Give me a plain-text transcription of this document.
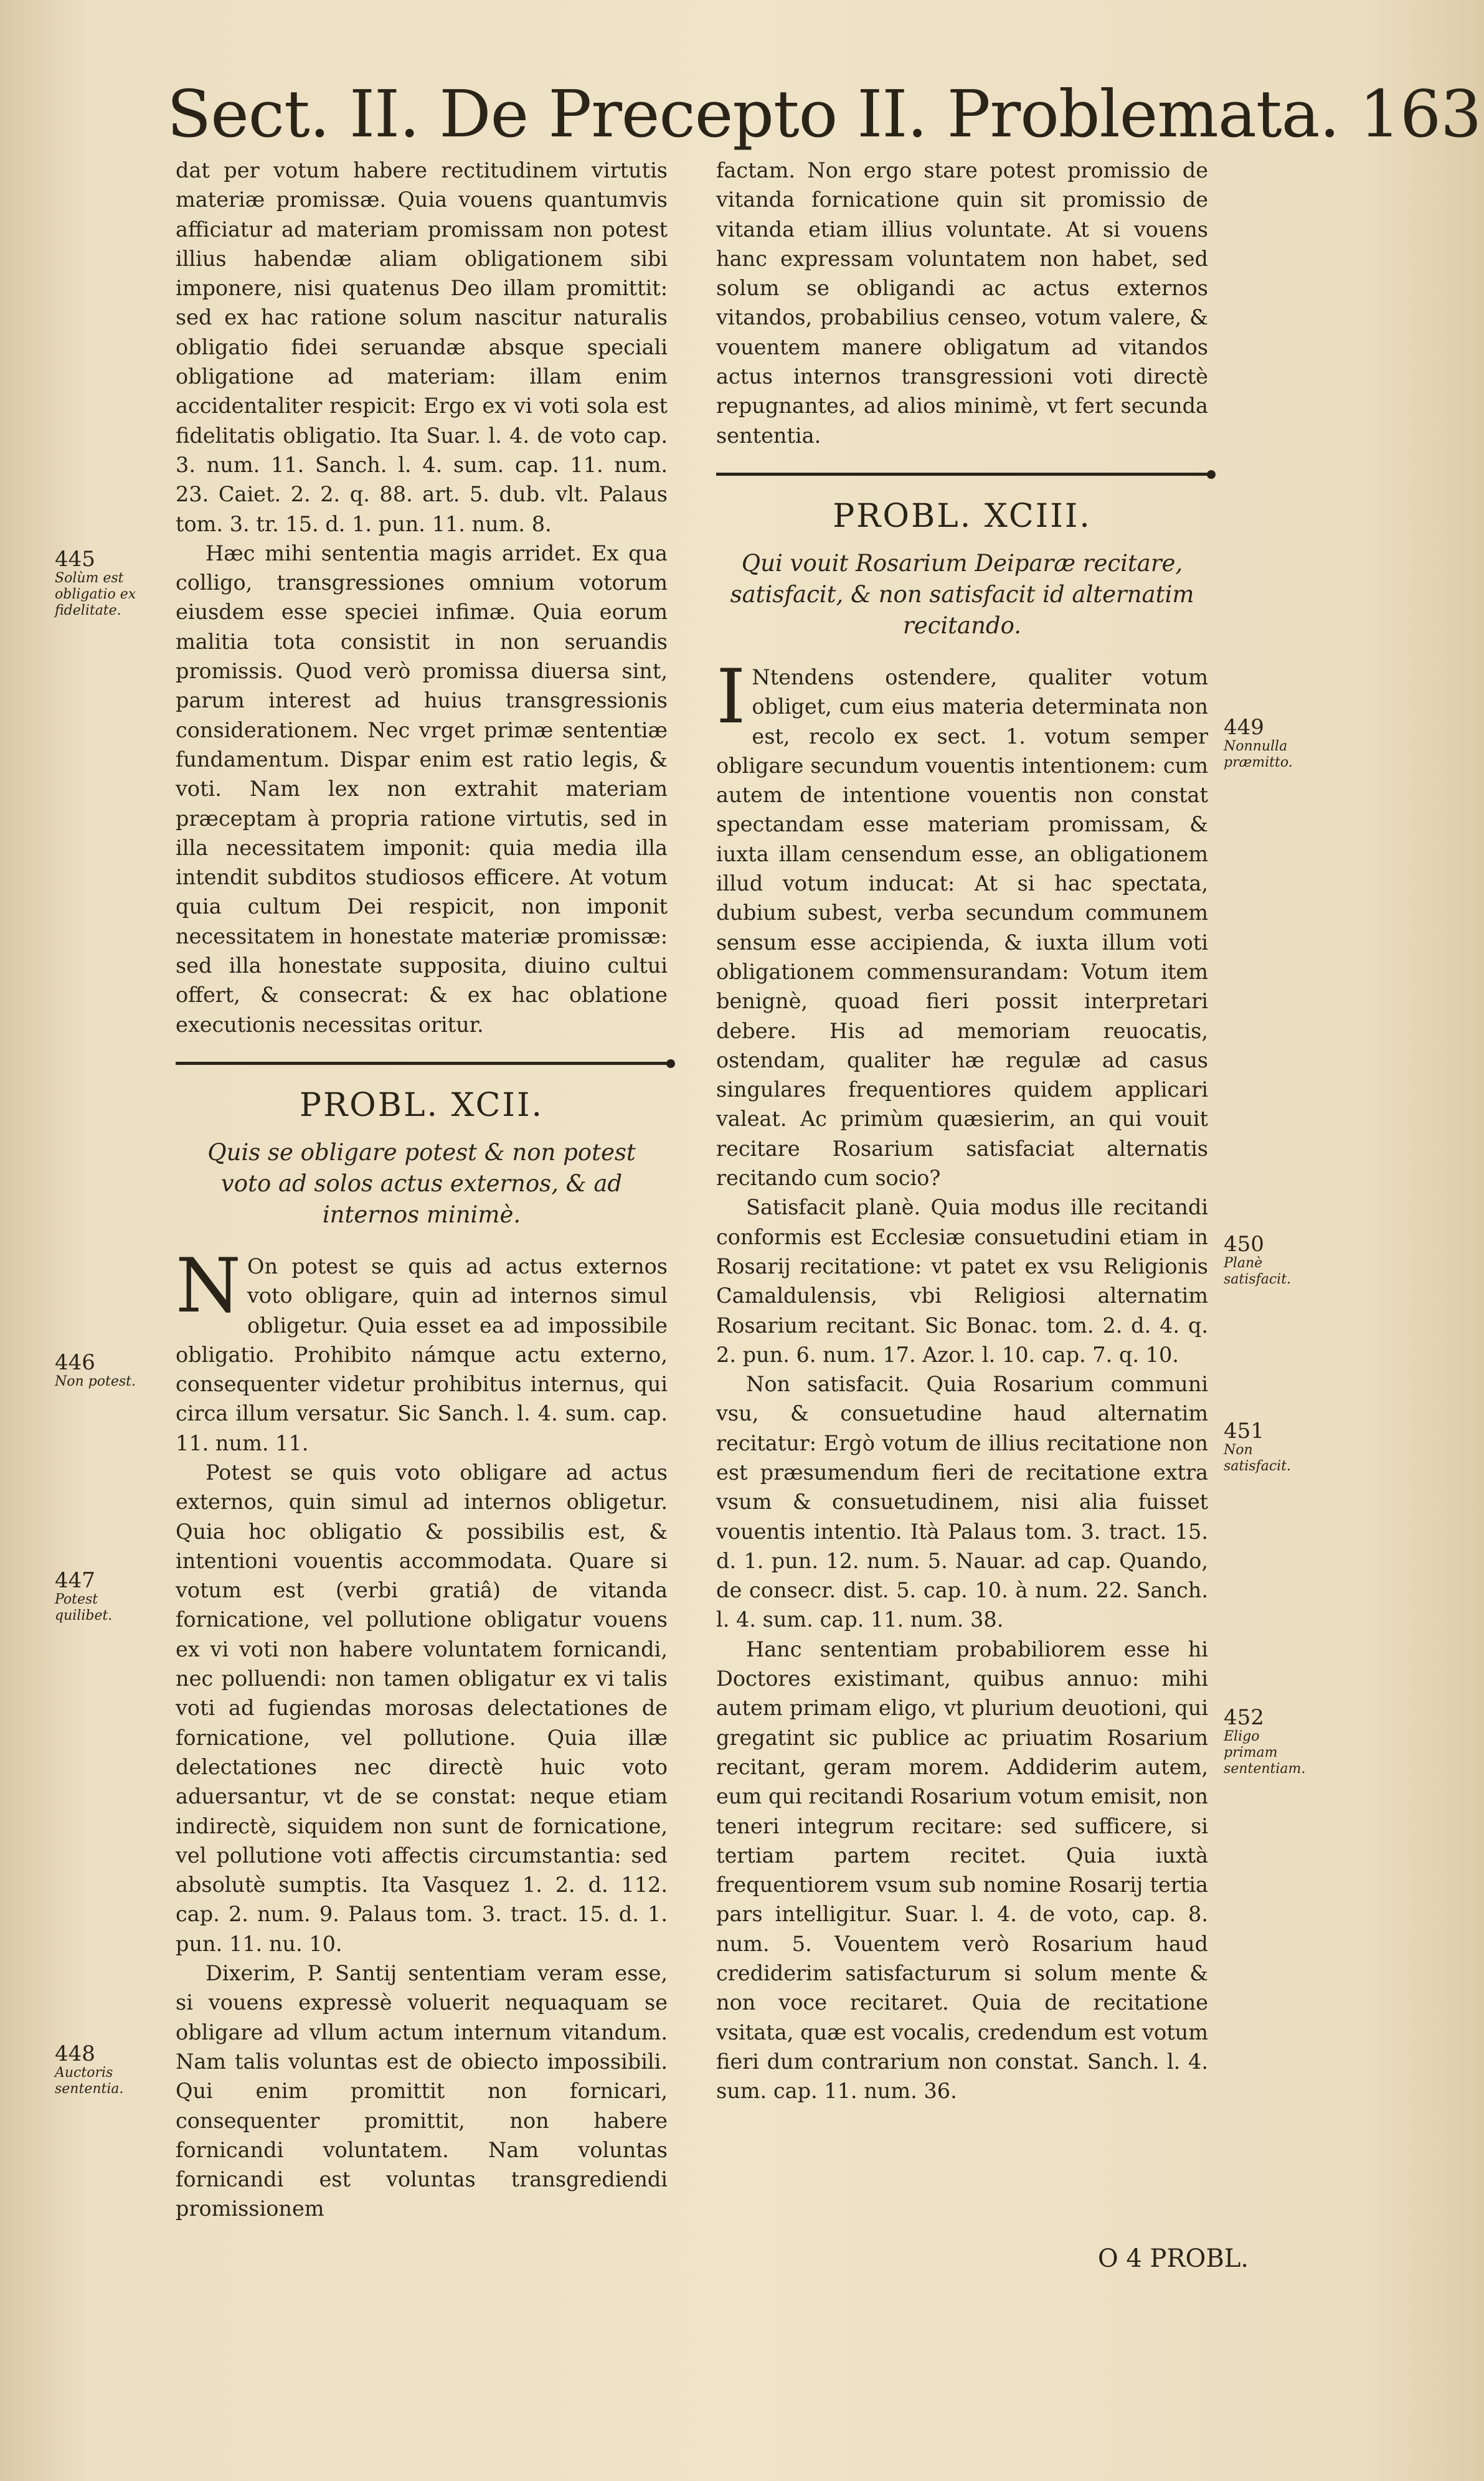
Sect. II. De Precepto II. Problemata. 163

dat per votum habere rectitudinem virtutis materiæ promissæ. Quia vouens quantumvis afficiatur ad materiam promissam non potest illius habendæ aliam obligationem sibi imponere, nisi quatenus Deo illam promittit: sed ex hac ratione solum nascitur naturalis obligatio fidei seruandæ absque speciali obligatione ad materiam: illam enim accidentaliter respicit: Ergo ex vi voti sola est fidelitatis obligatio. Ita Suar. l. 4. de voto cap. 3. num. 11. Sanch. l. 4. sum. cap. 11. num. 23. Caiet. 2. 2. q. 88. art. 5. dub. vlt. Palaus tom. 3. tr. 15. d. 1. pun. 11. num. 8.

Hæc mihi sententia magis arridet. Ex qua colligo, transgressiones omnium votorum eiusdem esse speciei infimæ. Quia eorum malitia tota consistit in non seruandis promissis. Quod verò promissa diuersa sint, parum interest ad huius transgressionis considerationem. Nec vrget primæ sententiæ fundamentum. Dispar enim est ratio legis, & voti. Nam lex non extrahit materiam præceptam à propria ratione virtutis, sed in illa necessitatem imponit: quia media illa intendit subditos studiosos efficere. At votum quia cultum Dei respicit, non imponit necessitatem in honestate materiæ promissæ: sed illa honestate supposita, diuino cultui offert, & consecrat: & ex hac oblatione executionis necessitas oritur.

PROBL. XCII.
Quis se obligare potest & non potest voto ad solos actus externos, & ad internos minimè.

N On potest se quis ad actus externos voto obligare, quin ad internos simul obligetur. Quia esset ea ad impossibile obligatio. Prohibito námque actu externo, consequenter videtur prohibitus internus, qui circa illum versatur. Sic Sanch. l. 4. sum. cap. 11. num. 11.

Potest se quis voto obligare ad actus externos, quin simul ad internos obligetur. Quia hoc obligatio & possibilis est, & intentioni vouentis accommodata. Quare si votum est (verbi gratiâ) de vitanda fornicatione, vel pollutione obligatur vouens ex vi voti non habere voluntatem fornicandi, nec polluendi: non tamen obligatur ex vi talis voti ad fugiendas morosas delectationes de fornicatione, vel pollutione. Quia illæ delectationes nec directè huic voto aduersantur, vt de se constat: neque etiam indirectè, siquidem non sunt de fornicatione, vel pollutione voti affectis circumstantia: sed absolutè sumptis. Ita Vasquez 1. 2. d. 112. cap. 2. num. 9. Palaus tom. 3. tract. 15. d. 1. pun. 11. nu. 10.

Dixerim, P. Santij sententiam veram esse, si vouens expressè voluerit nequaquam se obligare ad vllum actum internum vitandum. Nam talis voluntas est de obiecto impossibili. Qui enim promittit non fornicari, consequenter promittit, non habere fornicandi voluntatem. Nam voluntas fornicandi est voluntas transgrediendi promissionem

factam. Non ergo stare potest promissio de vitanda fornicatione quin sit promissio de vitanda etiam illius voluntate. At si vouens hanc expressam voluntatem non habet, sed solum se obligandi ac actus externos vitandos, probabilius censeo, votum valere, & vouentem manere obligatum ad vitandos actus internos transgressioni voti directè repugnantes, ad alios minimè, vt fert secunda sententia.

PROBL. XCIII.
Qui vouit Rosarium Deiparæ recitare, satisfacit, & non satisfacit id alternatim recitando.

I Ntendens ostendere, qualiter votum obliget, cum eius materia determinata non est, recolo ex sect. 1. votum semper obligare secundum vouentis intentionem: cum autem de intentione vouentis non constat spectandam esse materiam promissam, & iuxta illam censendum esse, an obligationem illud votum inducat: At si hac spectata, dubium subest, verba secundum communem sensum esse accipienda, & iuxta illum voti obligationem commensurandam: Votum item benignè, quoad fieri possit interpretari debere. His ad memoriam reuocatis, ostendam, qualiter hæ regulæ ad casus singulares frequentiores quidem applicari valeat. Ac primùm quæsierim, an qui vouit recitare Rosarium satisfaciat alternatis recitando cum socio?

Satisfacit planè. Quia modus ille recitandi conformis est Ecclesiæ consuetudini etiam in Rosarij recitatione: vt patet ex vsu Religionis Camaldulensis, vbi Religiosi alternatim Rosarium recitant. Sic Bonac. tom. 2. d. 4. q. 2. pun. 6. num. 17. Azor. l. 10. cap. 7. q. 10.

Non satisfacit. Quia Rosarium communi vsu, & consuetudine haud alternatim recitatur: Ergò votum de illius recitatione non est præsumendum fieri de recitatione extra vsum & consuetudinem, nisi alia fuisset vouentis intentio. Ità Palaus tom. 3. tract. 15. d. 1. pun. 12. num. 5. Nauar. ad cap. Quando, de consecr. dist. 5. cap. 10. à num. 22. Sanch. l. 4. sum. cap. 11. num. 38.

Hanc sententiam probabiliorem esse hi Doctores existimant, quibus annuo: mihi autem primam eligo, vt plurium deuotioni, qui gregatint sic publice ac priuatim Rosarium recitant, geram morem. Addiderim autem, eum qui recitandi Rosarium votum emisit, non teneri integrum recitare: sed sufficere, si tertiam partem recitet. Quia iuxtà frequentiorem vsum sub nomine Rosarij tertia pars intelligitur. Suar. l. 4. de voto, cap. 8. num. 5. Vouentem verò Rosarium haud crediderim satisfacturum si solum mente & non voce recitaret. Quia de recitatione vsitata, quæ est vocalis, credendum est votum fieri dum contrarium non constat. Sanch. l. 4. sum. cap. 11. num. 36.

445
Solùm est obligatio ex fidelitate.
446
Non potest.
447
Potest quilibet.
448
Auctoris sententia.
449
Nonnulla præmitto.
450
Planè satisfacit.
451
Non satisfacit.
452
Eligo primam sententiam.
O 4 PROBL.
